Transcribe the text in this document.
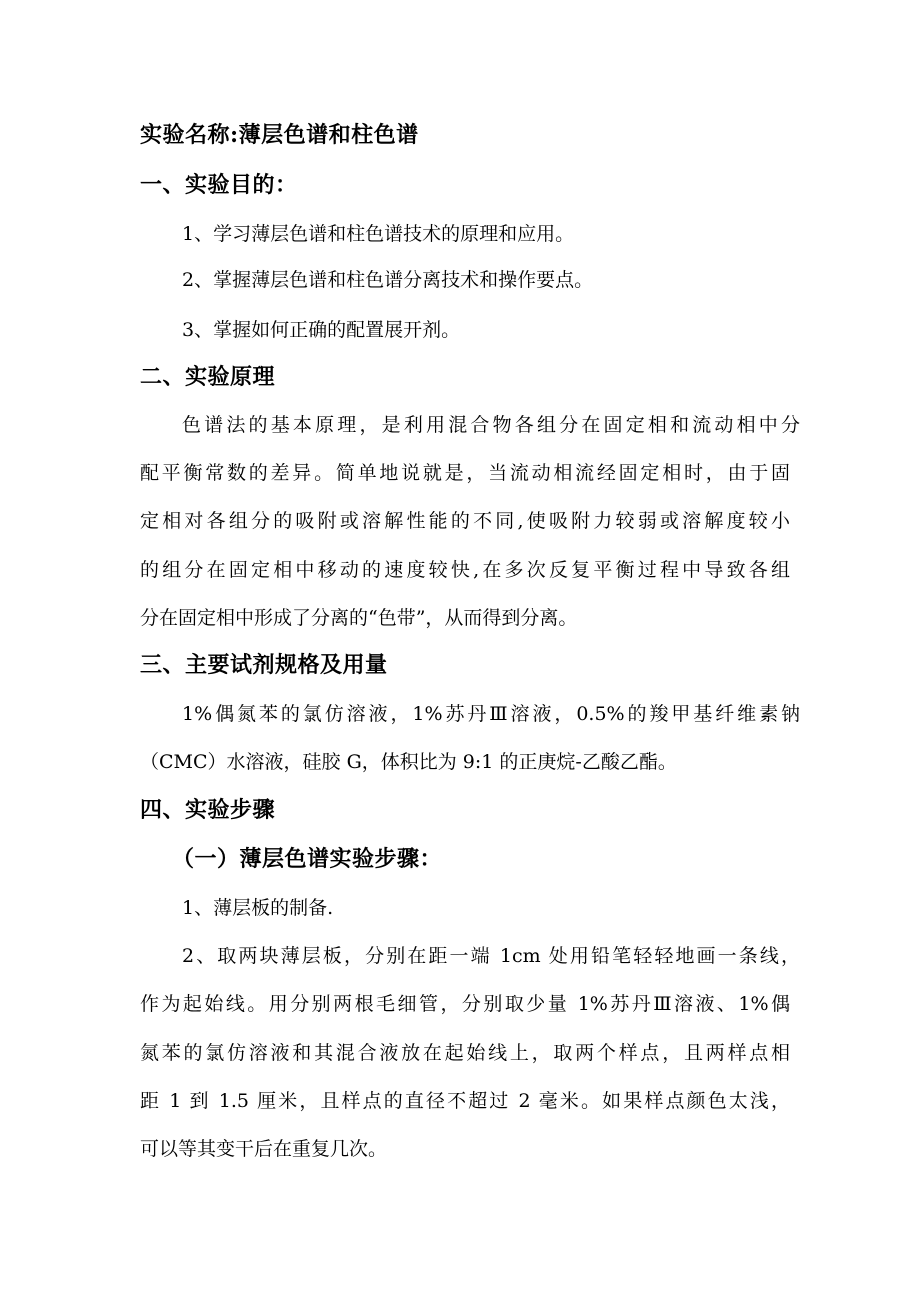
实验名称:薄层色谱和柱色谱
一、实验目的：

1、学习薄层色谱和柱色谱技术的原理和应用。

2、掌握薄层色谱和柱色谱分离技术和操作要点。

3、掌握如何正确的配置展开剂。

二、实验原理

色谱法的基本原理，是利用混合物各组分在固定相和流动相中分

配平衡常数的差异。简单地说就是，当流动相流经固定相时，由于固

定相对各组分的吸附或溶解性能的不同,使吸附力较弱或溶解度较小

的组分在固定相中移动的速度较快,在多次反复平衡过程中导致各组

分在固定相中形成了分离的“色带”，从而得到分离。

三、主要试剂规格及用量

1%偶氮苯的氯仿溶液，1%苏丹Ⅲ溶液，0.5%的羧甲基纤维素钠

（CMC）水溶液，硅胶 G，体积比为 9:1 的正庚烷-乙酸乙酯。

四、实验步骤
（一）薄层色谱实验步骤：

1、薄层板的制备.

2、取两块薄层板，分别在距一端 1cm 处用铅笔轻轻地画一条线，

作为起始线。用分别两根毛细管，分别取少量 1%苏丹Ⅲ溶液、1%偶

氮苯的氯仿溶液和其混合液放在起始线上，取两个样点，且两样点相

距 1 到 1.5 厘米，且样点的直径不超过 2 毫米。如果样点颜色太浅，

可以等其变干后在重复几次。
